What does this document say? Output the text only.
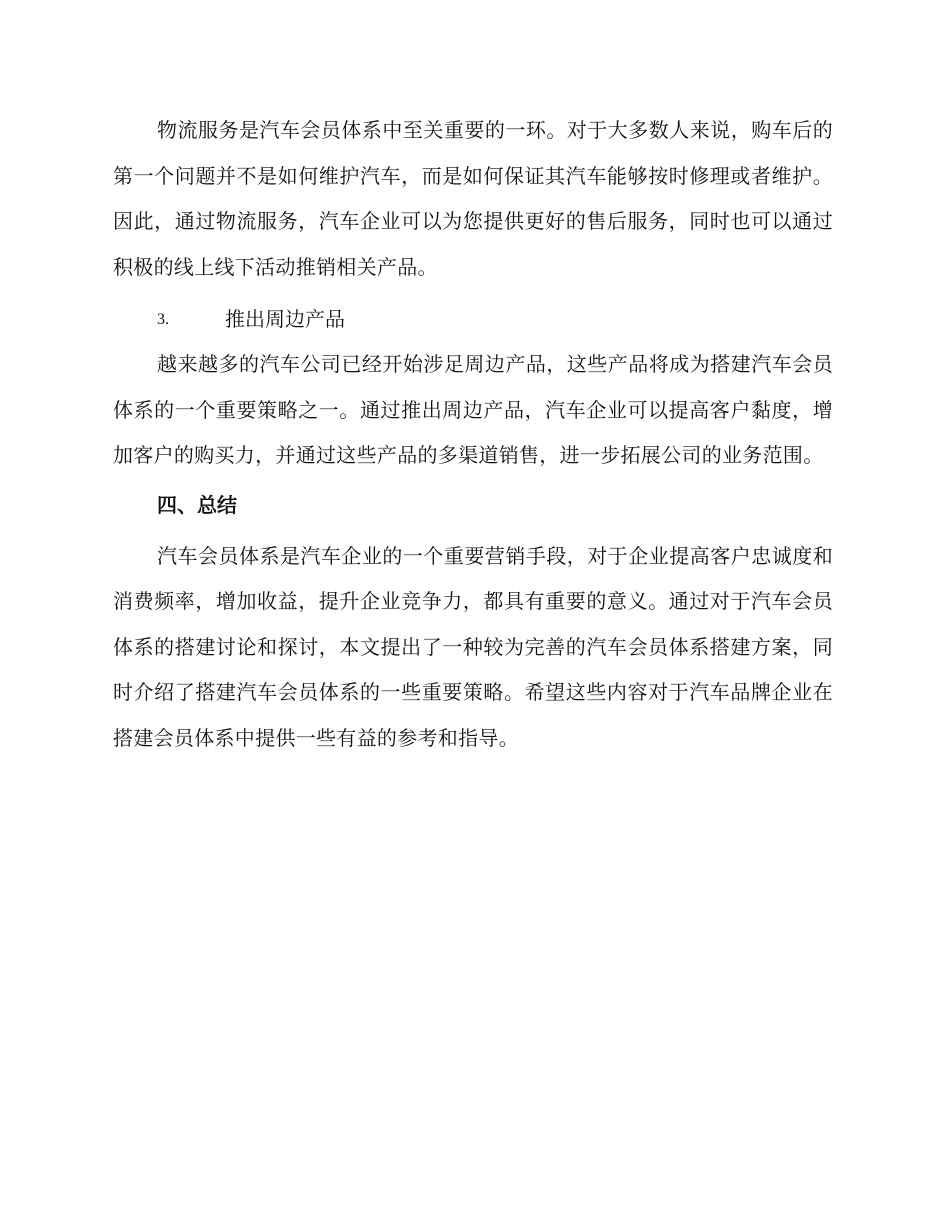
物流服务是汽车会员体系中至关重要的一环。对于大多数人来说，购车后的第一个问题并不是如何维护汽车，而是如何保证其汽车能够按时修理或者维护。因此，通过物流服务，汽车企业可以为您提供更好的售后服务，同时也可以通过积极的线上线下活动推销相关产品。

3.	推出周边产品

越来越多的汽车公司已经开始涉足周边产品，这些产品将成为搭建汽车会员体系的一个重要策略之一。通过推出周边产品，汽车企业可以提高客户黏度，增加客户的购买力，并通过这些产品的多渠道销售，进一步拓展公司的业务范围。

四、总结

汽车会员体系是汽车企业的一个重要营销手段，对于企业提高客户忠诚度和消费频率，增加收益，提升企业竞争力，都具有重要的意义。通过对于汽车会员体系的搭建讨论和探讨，本文提出了一种较为完善的汽车会员体系搭建方案，同时介绍了搭建汽车会员体系的一些重要策略。希望这些内容对于汽车品牌企业在搭建会员体系中提供一些有益的参考和指导。
